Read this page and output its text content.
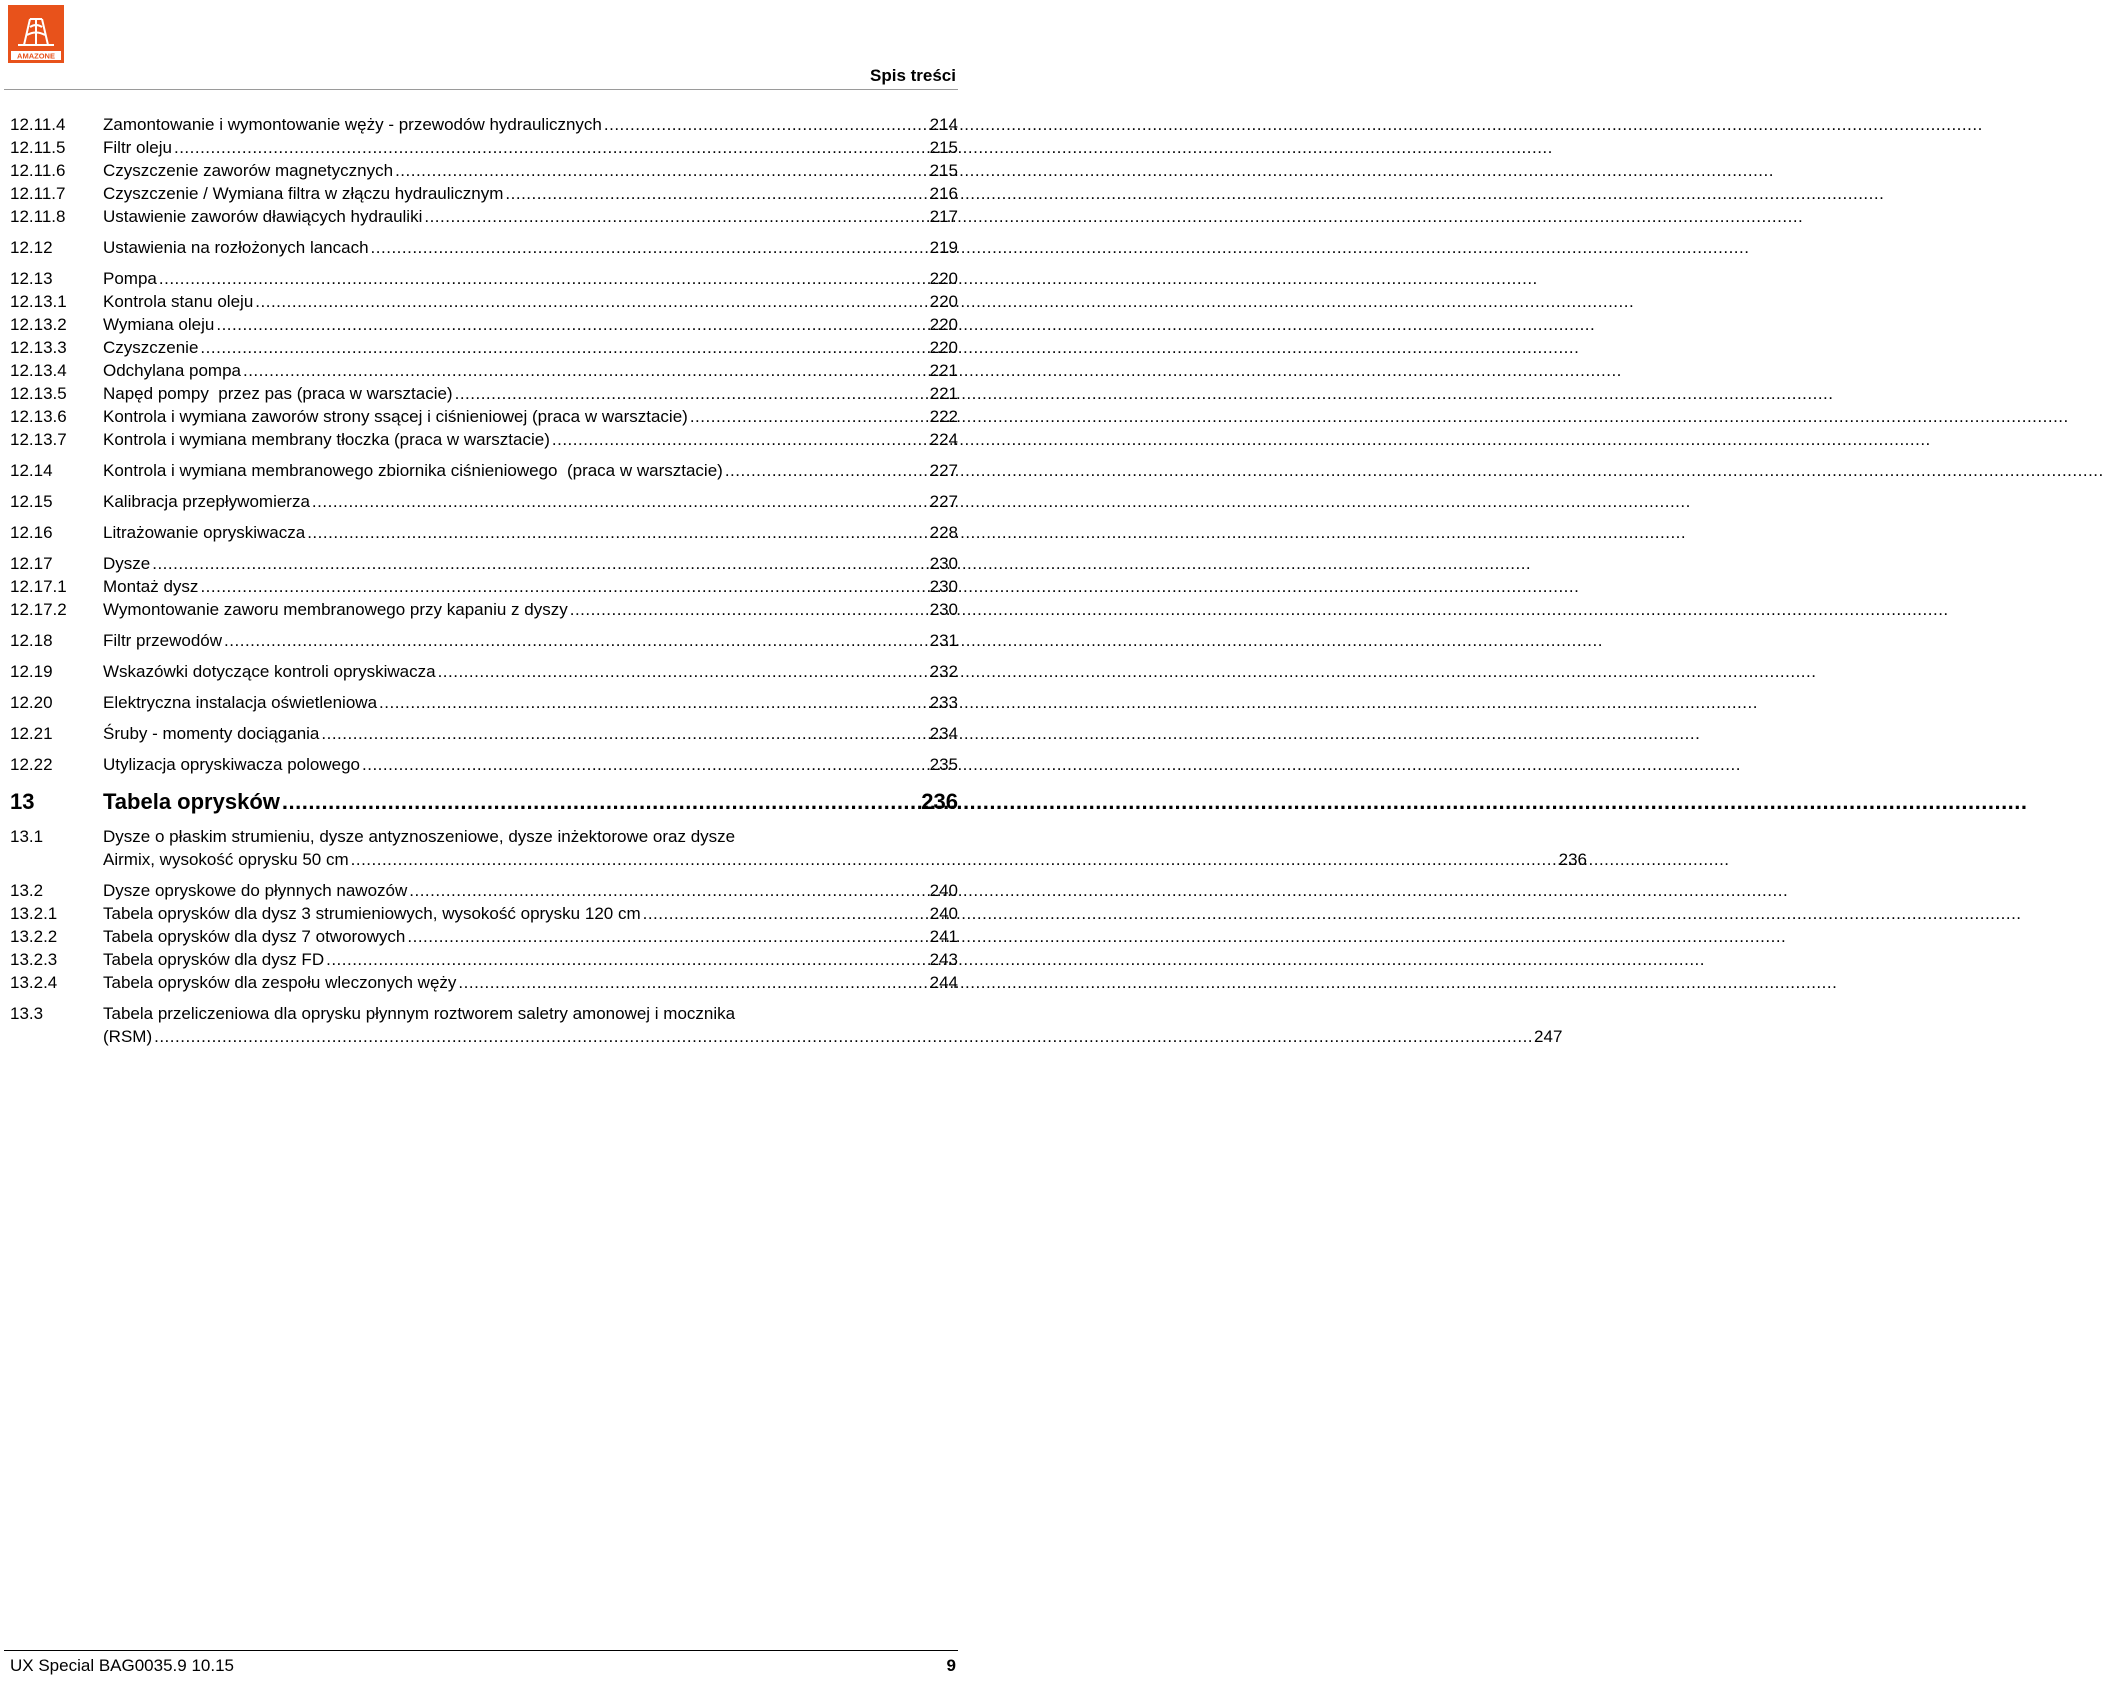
AMAZONE
Spis treści
12.11.4	Zamontowanie i wymontowanie węży - przewodów hydraulicznych .....	214
12.11.5	Filtr oleju .....	215
12.11.6	Czyszczenie zaworów magnetycznych .....	215
12.11.7	Czyszczenie / Wymiana filtra w złączu hydraulicznym .....	216
12.11.8	Ustawienie zaworów dławiących hydrauliki .....	217
12.12	Ustawienia na rozłożonych lancach .....	219
12.13	Pompa .....	220
12.13.1	Kontrola stanu oleju .....	220
12.13.2	Wymiana oleju .....	220
12.13.3	Czyszczenie .....	220
12.13.4	Odchylana pompa .....	221
12.13.5	Napęd pompy  przez pas (praca w warsztacie) .....	221
12.13.6	Kontrola i wymiana zaworów strony ssącej i ciśnieniowej (praca w warsztacie) .....	222
12.13.7	Kontrola i wymiana membrany tłoczka (praca w warsztacie) .....	224
12.14	Kontrola i wymiana membranowego zbiornika ciśnieniowego  (praca w warsztacie) .....	227
12.15	Kalibracja przepływomierza .....	227
12.16	Litrażowanie opryskiwacza .....	228
12.17	Dysze .....	230
12.17.1	Montaż dysz .....	230
12.17.2	Wymontowanie zaworu membranowego przy kapaniu z dyszy .....	230
12.18	Filtr przewodów .....	231
12.19	Wskazówki dotyczące kontroli opryskiwacza .....	232
12.20	Elektryczna instalacja oświetleniowa .....	233
12.21	Śruby - momenty dociągania .....	234
12.22	Utylizacja opryskiwacza polowego .....	235
13	Tabela oprysków .....	236
13.1	Dysze o płaskim strumieniu, dysze antyznoszeniowe, dysze inżektorowe oraz dysze
Airmix, wysokość oprysku 50 cm .....	236
13.2	Dysze opryskowe do płynnych nawozów .....	240
13.2.1	Tabela oprysków dla dysz 3 strumieniowych, wysokość oprysku 120 cm .....	240
13.2.2	Tabela oprysków dla dysz 7 otworowych .....	241
13.2.3	Tabela oprysków dla dysz FD .....	243
13.2.4	Tabela oprysków dla zespołu wleczonych węży .....	244
13.3	Tabela przeliczeniowa dla oprysku płynnym roztworem saletry amonowej i mocznika
(RSM) .....	247
UX Special BAG0035.9 10.15	9
